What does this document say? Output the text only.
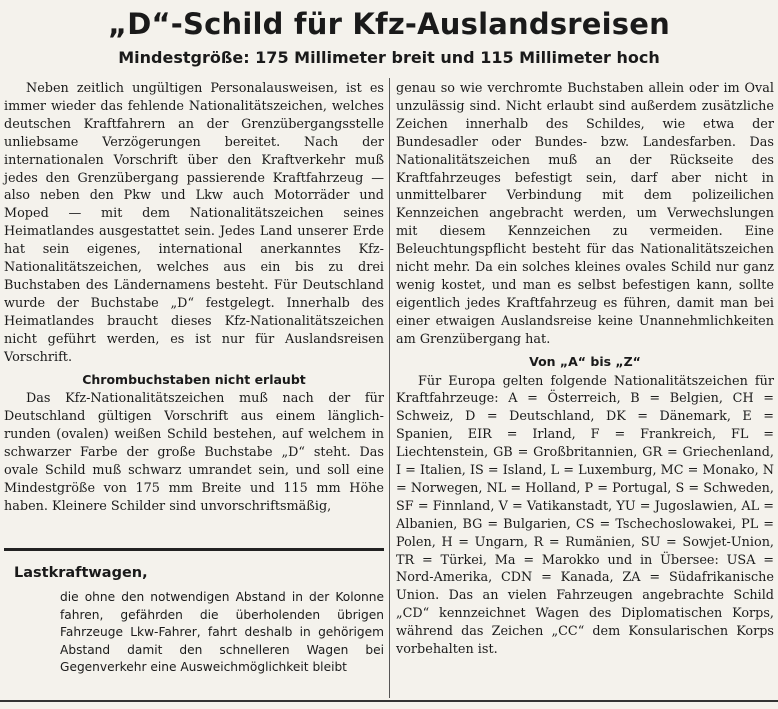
„D“-Schild für Kfz-Auslandsreisen
Mindestgröße: 175 Millimeter breit und 115 Millimeter hoch

Neben zeitlich ungültigen Personalausweisen, ist es immer wieder das fehlende Nationalitätszeichen, welches deutschen Kraftfahrern an der Grenzübergangsstelle unliebsame Verzögerungen bereitet. Nach der internationalen Vorschrift über den Kraftverkehr muß jedes den Grenzübergang passierende Kraftfahrzeug — also neben den Pkw und Lkw auch Motorräder und Moped — mit dem Nationalitätszeichen seines Heimatlandes ausgestattet sein. Jedes Land unserer Erde hat sein eigenes, international anerkanntes Kfz-Nationalitätszeichen, welches aus ein bis zu drei Buchstaben des Ländernamens besteht. Für Deutschland wurde der Buchstabe „D“ festgelegt. Innerhalb des Heimatlandes braucht dieses Kfz-Nationalitätszeichen nicht geführt werden, es ist nur für Auslandsreisen Vorschrift.

Chrombuchstaben nicht erlaubt

Das Kfz-Nationalitätszeichen muß nach der für Deutschland gültigen Vorschrift aus einem länglich-runden (ovalen) weißen Schild bestehen, auf welchem in schwarzer Farbe der große Buchstabe „D“ steht. Das ovale Schild muß schwarz umrandet sein, und soll eine Mindestgröße von 175 mm Breite und 115 mm Höhe haben. Kleinere Schilder sind unvorschriftsmäßig,

genau so wie verchromte Buchstaben allein oder im Oval unzulässig sind. Nicht erlaubt sind außerdem zusätzliche Zeichen innerhalb des Schildes, wie etwa der Bundesadler oder Bundes- bzw. Landesfarben. Das Nationalitätszeichen muß an der Rückseite des Kraftfahrzeuges befestigt sein, darf aber nicht in unmittelbarer Verbindung mit dem polizeilichen Kennzeichen angebracht werden, um Verwechslungen mit diesem Kennzeichen zu vermeiden. Eine Beleuchtungspflicht besteht für das Nationalitätszeichen nicht mehr. Da ein solches kleines ovales Schild nur ganz wenig kostet, und man es selbst befestigen kann, sollte eigentlich jedes Kraftfahrzeug es führen, damit man bei einer etwaigen Auslandsreise keine Unannehmlichkeiten am Grenzübergang hat.

Von „A“ bis „Z“

Für Europa gelten folgende Nationalitätszeichen für Kraftfahrzeuge: A = Österreich, B = Belgien, CH = Schweiz, D = Deutschland, DK = Dänemark, E = Spanien, EIR = Irland, F = Frankreich, FL = Liechtenstein, GB = Großbritannien, GR = Griechenland, I = Italien, IS = Island, L = Luxemburg, MC = Monako, N = Norwegen, NL = Holland, P = Portugal, S = Schweden, SF = Finnland, V = Vatikanstadt, YU = Jugoslawien, AL = Albanien, BG = Bulgarien, CS = Tschechoslowakei, PL = Polen, H = Ungarn, R = Rumänien, SU = Sowjet-Union, TR = Türkei, Ma = Marokko und in Übersee: USA = Nord-Amerika, CDN = Kanada, ZA = Südafrikanische Union. Das an vielen Fahrzeugen angebrachte Schild „CD“ kennzeichnet Wagen des Diplomatischen Korps, während das Zeichen „CC“ dem Konsularischen Korps vorbehalten ist.

Lastkraftwagen,
die ohne den notwendigen Abstand in der Kolonne fahren, gefährden die überholenden übrigen Fahrzeuge Lkw-Fahrer, fahrt deshalb in gehörigem Abstand damit den schnelleren Wagen bei Gegenverkehr eine Ausweichmöglichkeit bleibt
